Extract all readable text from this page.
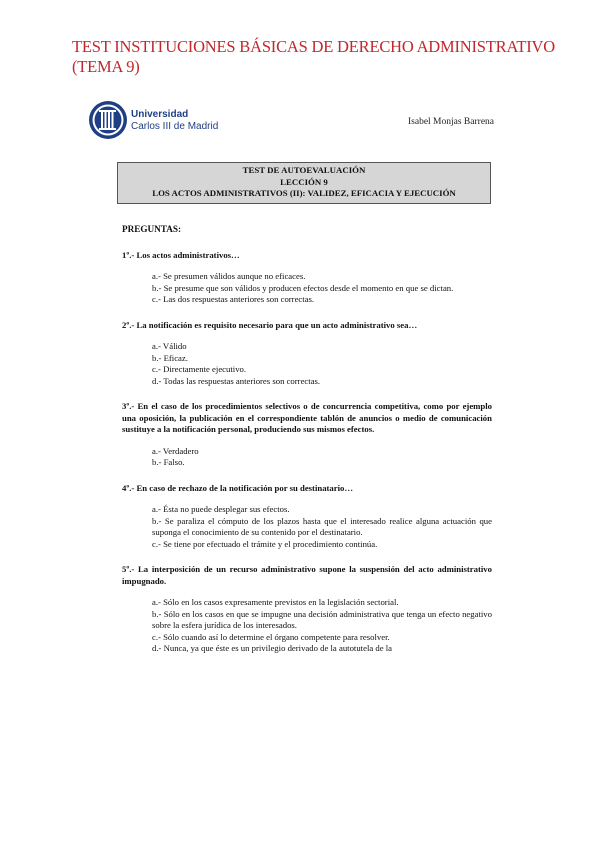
TEST INSTITUCIONES BÁSICAS DE DERECHO ADMINISTRATIVO (TEMA 9)
Universidad
Carlos III de Madrid	Isabel Monjas Barrena
TEST DE AUTOEVALUACIÓN
LECCIÓN 9
LOS ACTOS ADMINISTRATIVOS (II): VALIDEZ, EFICACIA Y EJECUCIÓN
PREGUNTAS:
1º.- Los actos administrativos…
a.- Se presumen válidos aunque no eficaces.
b.- Se presume que son válidos y producen efectos desde el momento en que se dictan.
c.- Las dos respuestas anteriores son correctas.
2º.- La notificación es requisito necesario para que un acto administrativo sea…
a.- Válido
b.- Eficaz.
c.- Directamente ejecutivo.
d.- Todas las respuestas anteriores son correctas.
3º.- En el caso de los procedimientos selectivos o de concurrencia competitiva, como por ejemplo una oposición, la publicación en el correspondiente tablón de anuncios o medio de comunicación sustituye a la notificación personal, produciendo sus mismos efectos.
a.- Verdadero
b.- Falso.
4º.- En caso de rechazo de la notificación por su destinatario…
a.- Ésta no puede desplegar sus efectos.
b.- Se paraliza el cómputo de los plazos hasta que el interesado realice alguna actuación que suponga el conocimiento de su contenido por el destinatario.
c.- Se tiene por efectuado el trámite y el procedimiento continúa.
5º.- La interposición de un recurso administrativo supone la suspensión del acto administrativo impugnado.
a.- Sólo en los casos expresamente previstos en la legislación sectorial.
b.- Sólo en los casos en que se impugne una decisión administrativa que tenga un efecto negativo sobre la esfera jurídica de los interesados.
c.- Sólo cuando así lo determine el órgano competente para resolver.
d.- Nunca, ya que éste es un privilegio derivado de la autotutela de la
